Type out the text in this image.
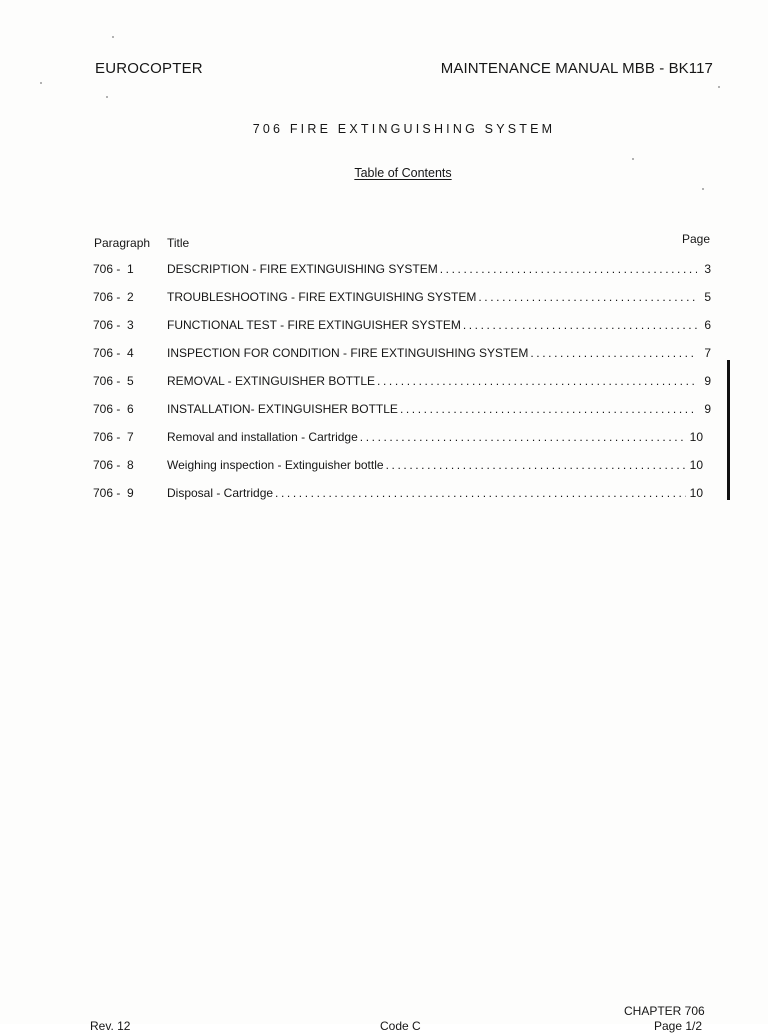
EUROCOPTER	MAINTENANCE MANUAL MBB - BK117
706 FIRE EXTINGUISHING SYSTEM
Table of Contents
Paragraph Title	Page
706 -  1	DESCRIPTION - FIRE EXTINGUISHING SYSTEM .....	3
706 -  2	TROUBLESHOOTING - FIRE EXTINGUISHING SYSTEM .....	5
706 -  3	FUNCTIONAL TEST - FIRE EXTINGUISHER SYSTEM .....	6
706 -  4	INSPECTION FOR CONDITION - FIRE EXTINGUISHING SYSTEM .....	7
706 -  5	REMOVAL - EXTINGUISHER BOTTLE .....	9
706 -  6	INSTALLATION- EXTINGUISHER BOTTLE .....	9
706 -  7	Removal and installation - Cartridge .....	10
706 -  8	Weighing inspection - Extinguisher bottle .....	10
706 -  9	Disposal - Cartridge .....	10
CHAPTER 706
Page 1/2
Rev. 12	Code C
